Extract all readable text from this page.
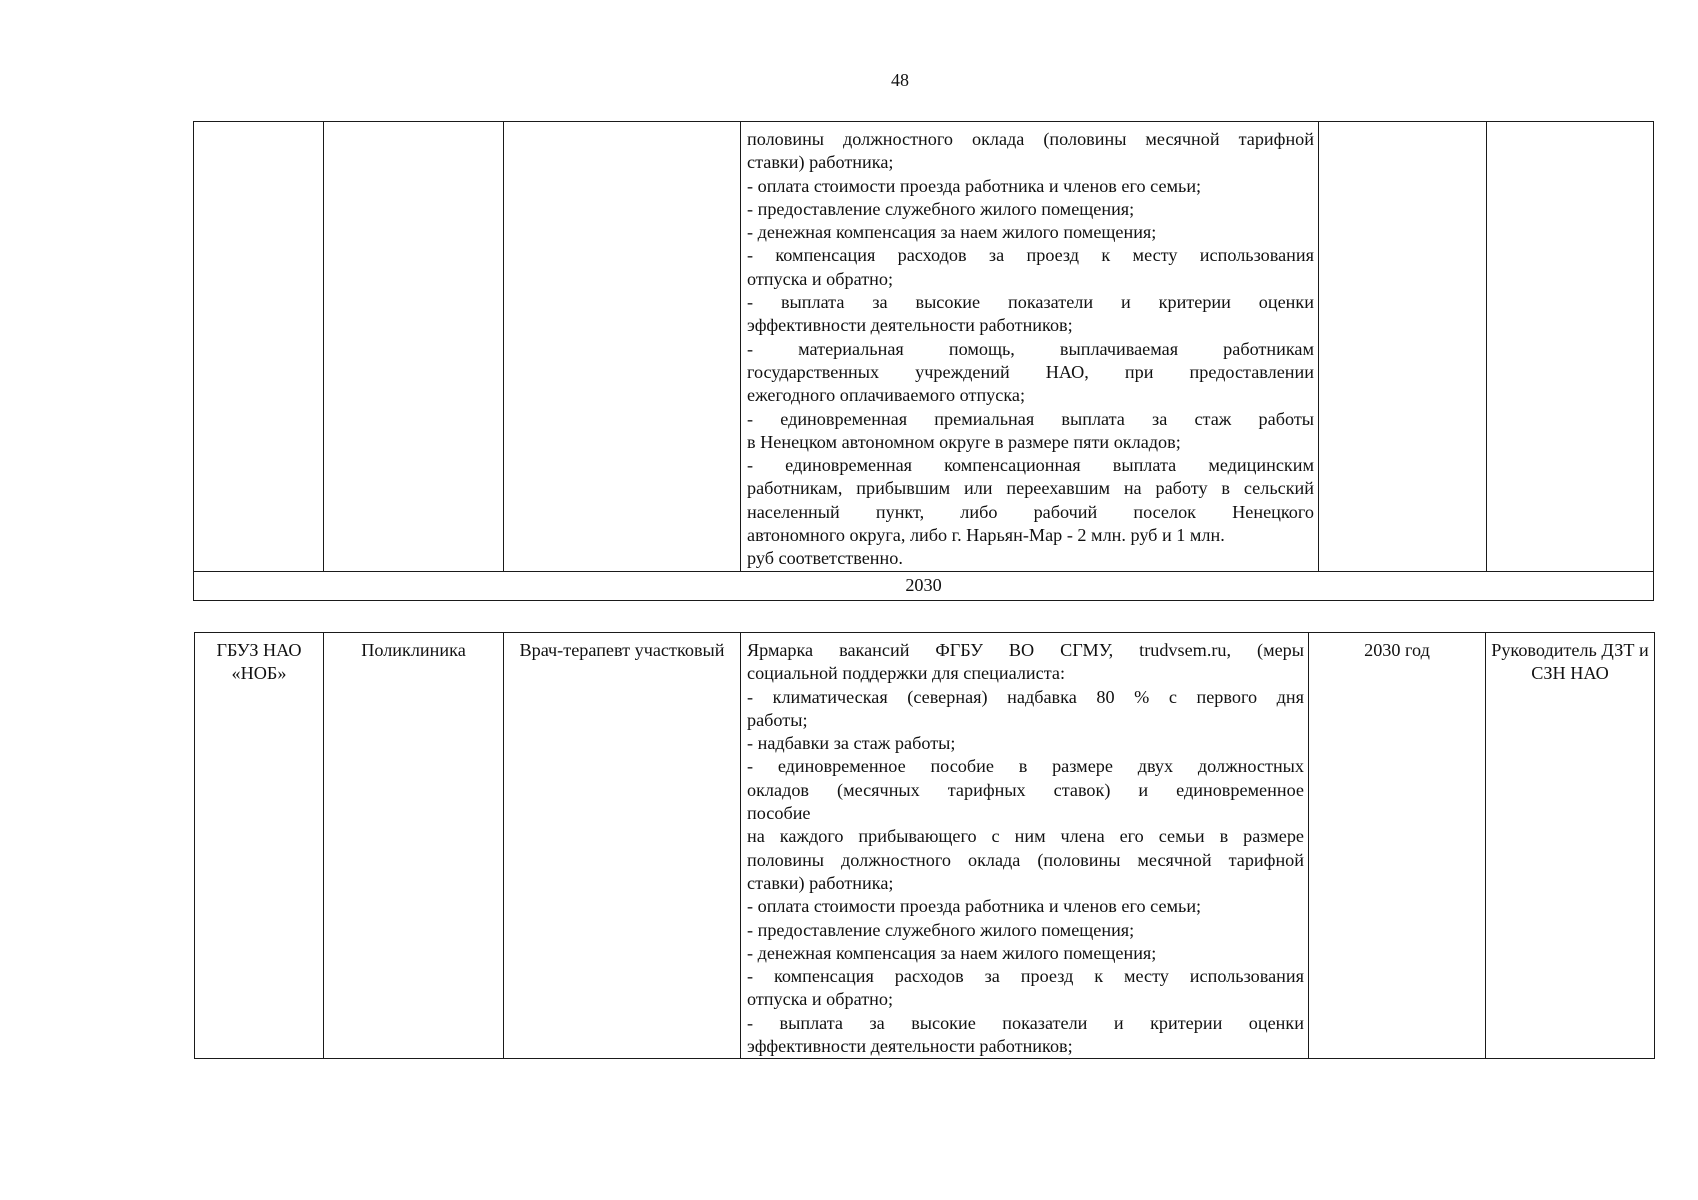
48

половины должностного оклада (половины месячной тарифной
ставки) работника;
- оплата стоимости проезда работника и членов его семьи;
- предоставление служебного жилого помещения;
- денежная компенсация за наем жилого помещения;
- компенсация расходов за проезд к месту использования
отпуска и обратно;
- выплата за высокие показатели и критерии оценки
эффективности деятельности работников;
- материальная помощь, выплачиваемая работникам
государственных учреждений НАО, при предоставлении
ежегодного оплачиваемого отпуска;
- единовременная премиальная выплата за стаж работы
в Ненецком автономном округе в размере пяти окладов;
- единовременная компенсационная выплата медицинским
работникам, прибывшим или переехавшим на работу в сельский
населенный пункт, либо рабочий поселок Ненецкого
автономного округа, либо г. Нарьян-Мар - 2 млн. руб и 1 млн.
руб соответственно.

2030
ГБУЗ НАО «НОБ»	Поликлиника	Врач-терапевт участковый	Ярмарка вакансий ФГБУ ВО СГМУ, trudvsem.ru, (меры
социальной поддержки для специалиста:
- климатическая (северная) надбавка 80 % с первого дня
работы;
- надбавки за стаж работы;
- единовременное пособие в размере двух должностных
окладов (месячных тарифных ставок) и единовременное
пособие
на каждого прибывающего с ним члена его семьи в размере
половины должностного оклада (половины месячной тарифной
ставки) работника;
- оплата стоимости проезда работника и членов его семьи;
- предоставление служебного жилого помещения;
- денежная компенсация за наем жилого помещения;
- компенсация расходов за проезд к месту использования
отпуска и обратно;
- выплата за высокие показатели и критерии оценки
эффективности деятельности работников;
	2030 год	Руководитель ДЗТ и СЗН НАО
